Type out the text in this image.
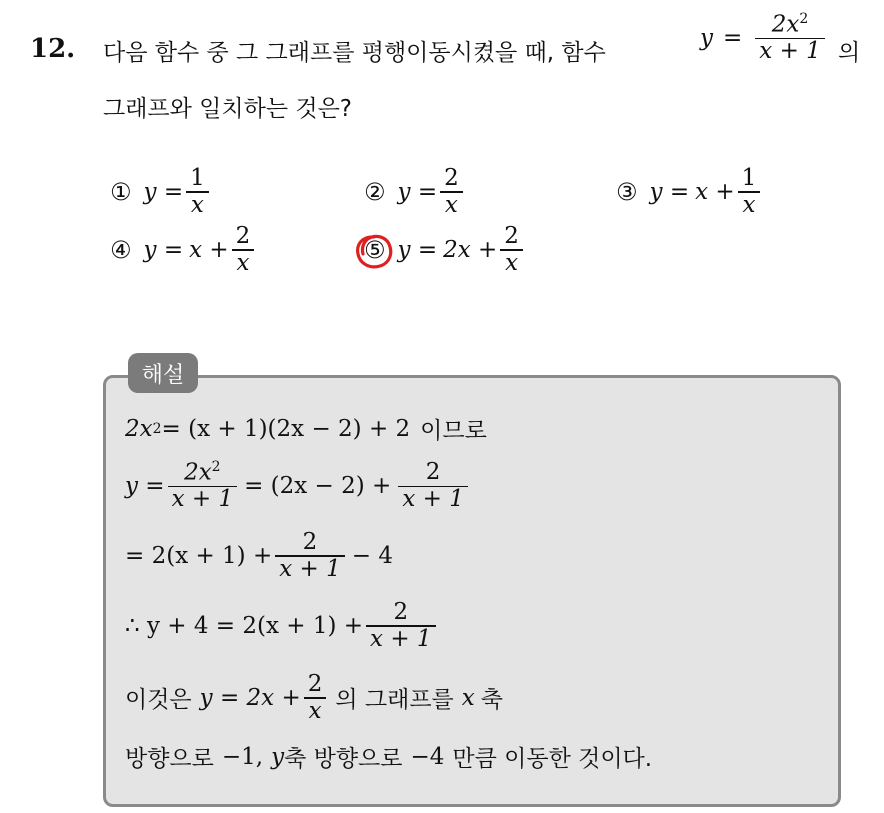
12. 다음 함수 중 그 그래프를 평행이동시켰을 때, 함수
$y = \frac{2x^2}{x + 1}$ 의
그래프와 일치하는 것은?
① $y = \frac{1}{x}$	② $y = \frac{2}{x}$	③ $y = x + \frac{1}{x}$
④ $y = x + \frac{2}{x}$	⑤ $y = 2x + \frac{2}{x}$
해설
2x 2 = (x + 1)(2x − 2) + 2 이므로
$y = \frac{2x^2}{x + 1} = (2x - 2) + \frac{2}{x + 1}$
= $2(x + 1) + \frac{2}{x + 1} - 4$
∴ $y + 4 = 2(x + 1) + \frac{2}{x + 1}$
이것은 $y = 2x + \frac{2}{x}$ 의 그래프를 x 축
방향으로 −1, y 축 방향으로 −4 만큼 이동한 것이다.
